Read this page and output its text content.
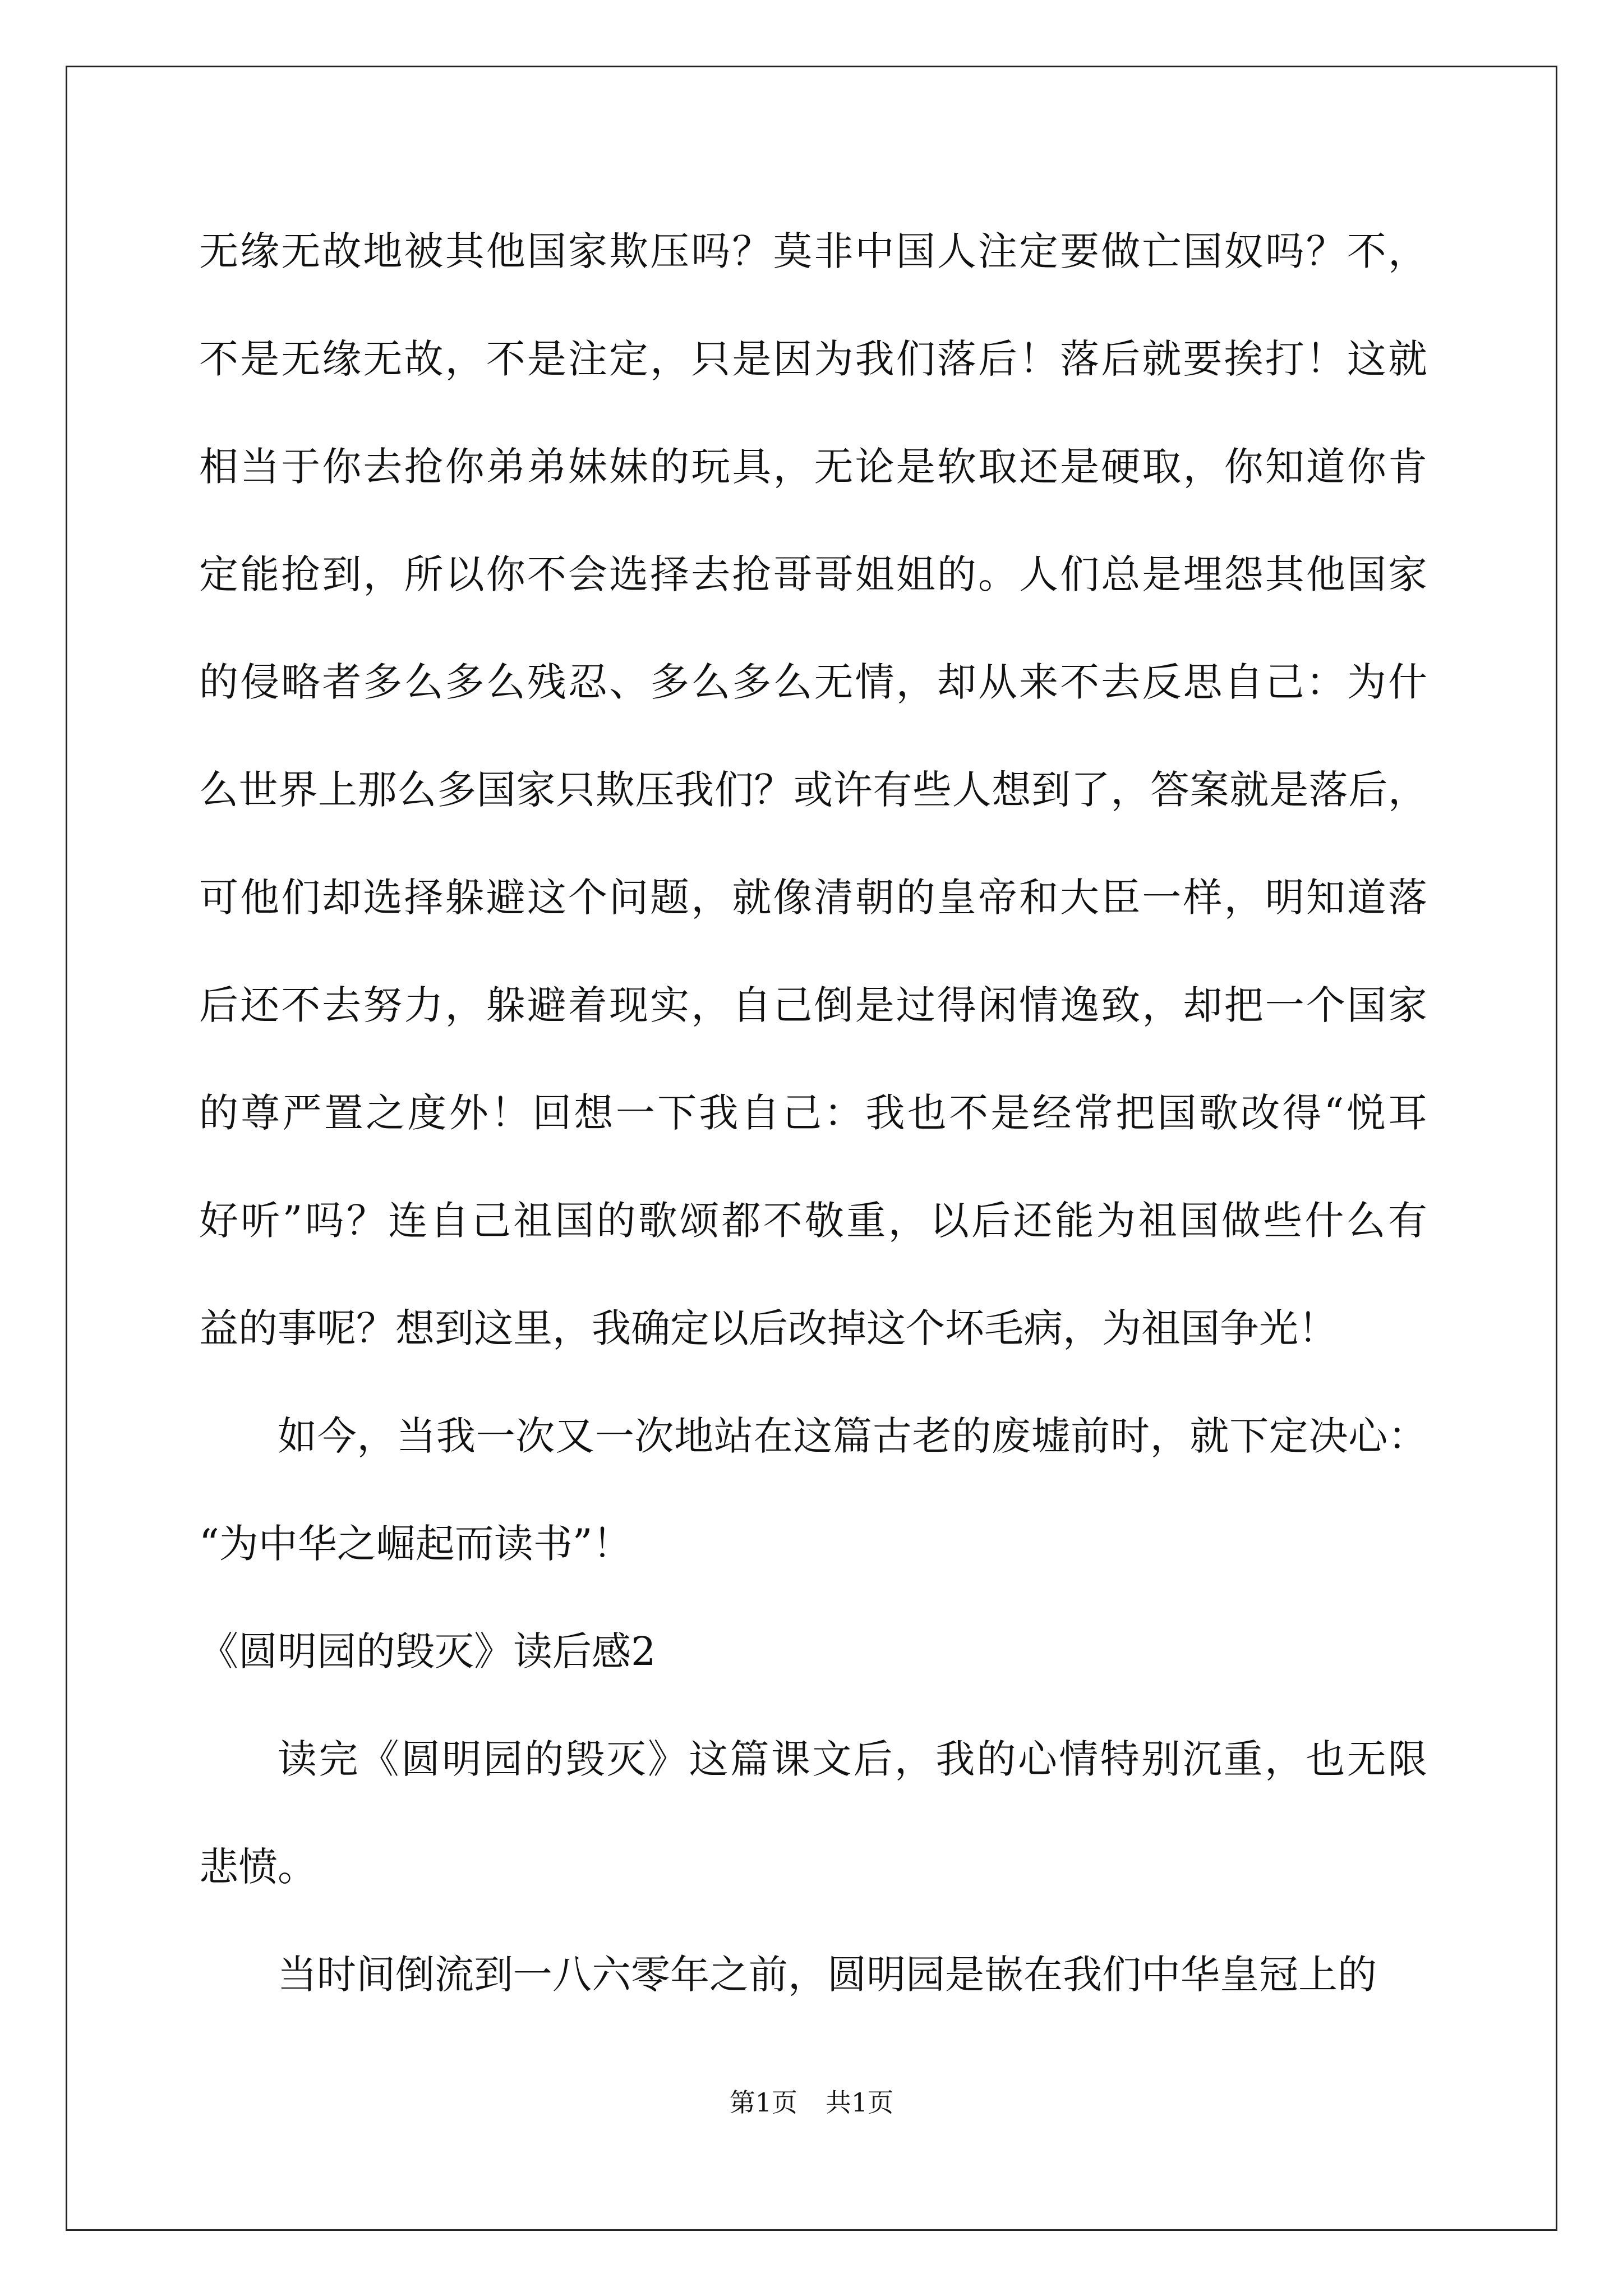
无缘无故地被其他国家欺压吗？莫非中国人注定要做亡国奴吗？不，
不是无缘无故，不是注定，只是因为我们落后！落后就要挨打！这就
相当于你去抢你弟弟妹妹的玩具，无论是软取还是硬取，你知道你肯
定能抢到，所以你不会选择去抢哥哥姐姐的。人们总是埋怨其他国家
的侵略者多么多么残忍、多么多么无情，却从来不去反思自己：为什
么世界上那么多国家只欺压我们？或许有些人想到了，答案就是落后，
可他们却选择躲避这个问题，就像清朝的皇帝和大臣一样，明知道落
后还不去努力，躲避着现实，自己倒是过得闲情逸致，却把一个国家
的尊严置之度外！回想一下我自己：我也不是经常把国歌改得“悦耳
好听”吗？连自己祖国的歌颂都不敬重，以后还能为祖国做些什么有
益的事呢？想到这里，我确定以后改掉这个坏毛病，为祖国争光！
如今，当我一次又一次地站在这篇古老的废墟前时，就下定决心：
“为中华之崛起而读书”！
《圆明园的毁灭》读后感2
读完《圆明园的毁灭》这篇课文后，我的心情特别沉重，也无限
悲愤。
当时间倒流到一八六零年之前，圆明园是嵌在我们中华皇冠上的
第1页 共1页
